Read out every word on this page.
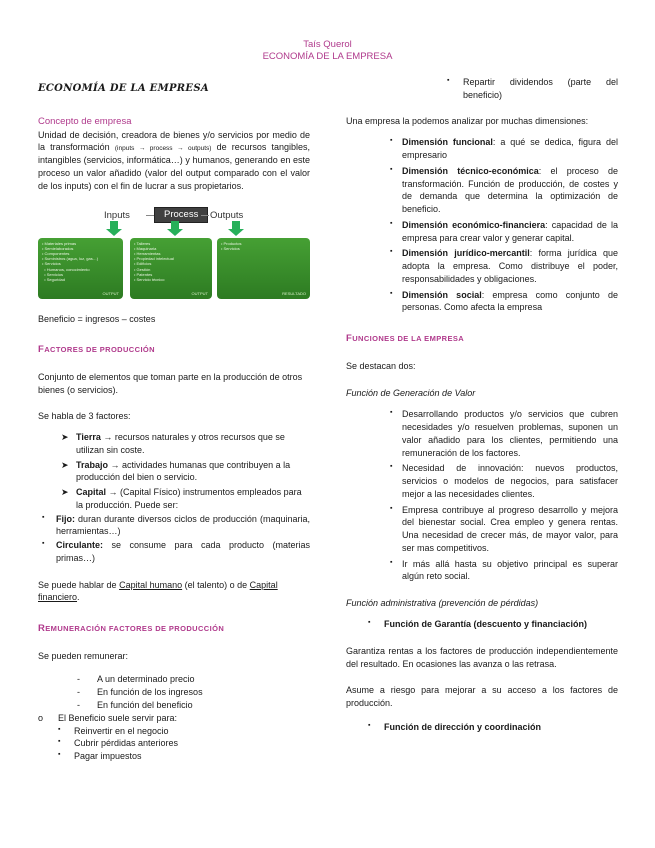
Taís Querol
ECONOMÍA DE LA EMPRESA

ECONOMÍA DE LA EMPRESA

Concepto de empresa

Unidad de decisión, creadora de bienes y/o servicios por medio de la transformación (inputs → process → outputs) de recursos tangibles, intangibles (servicios, informática…) y humanos, generando en este proceso un valor añadido (valor del output comparado con el valor de los inputs) con el fin de lucrar a sus propietarios.

Inputs	Process	Outputs
• Materiales primas
• Semielaborados
• Componentes
• Suministros (agua, luz, gas…)
• Servicios
• Humanos, conocimiento
• Servicios
• Seguridad
OUTPUT
• Talleres
• Maquinaria
• Herramientas
• Propiedad intelectual
• Edificios
• Gestión
• Patentes
• Servicio técnico
OUTPUT
• Productos
• Servicios
RESULTADO

Beneficio = ingresos – costes

FACTORES DE PRODUCCIÓN

Conjunto de elementos que toman parte en la producción de otros bienes (o servicios).

Se habla de 3 factores:

➤ Tierra → recursos naturales y otros recursos que se utilizan sin coste.
➤ Trabajo → actividades humanas que contribuyen a la producción del bien o servicio.
➤ Capital → (Capital Físico) instrumentos empleados para la producción. Puede ser:
▪ Fijo: duran durante diversos ciclos de producción (maquinaria, herramientas…)
▪ Circulante: se consume para cada producto (materias primas…)

Se puede hablar de Capital humano (el talento) o de Capital financiero.

REMUNERACIÓN FACTORES DE PRODUCCIÓN

Se pueden remunerar:

- A un determinado precio
- En función de los ingresos
- En función del beneficio
o El Beneficio suele servir para:
▪ Reinvertir en el negocio
▪ Cubrir pérdidas anteriores
▪ Pagar impuestos
▪ Repartir dividendos (parte del beneficio)

Una empresa la podemos analizar por muchas dimensiones:

▪ Dimensión funcional: a qué se dedica, figura del empresario
▪ Dimensión técnico-económica: el proceso de transformación. Función de producción, de costes y de demanda que determina la optimización de beneficio.
▪ Dimensión económico-financiera: capacidad de la empresa para crear valor y generar capital.
▪ Dimensión jurídico-mercantil: forma jurídica que adopta la empresa. Como distribuye el poder, responsabilidades y obligaciones.
▪ Dimensión social: empresa como conjunto de personas. Como afecta la empresa

FUNCIONES DE LA EMPRESA

Se destacan dos:

Función de Generación de Valor

▪ Desarrollando productos y/o servicios que cubren necesidades y/o resuelven problemas, suponen un valor añadido para los clientes, permitiendo una remuneración de los factores.
▪ Necesidad de innovación: nuevos productos, servicios o modelos de negocios, para satisfacer mejor a las necesidades clientes.
▪ Empresa contribuye al progreso desarrollo y mejora del bienestar social. Crea empleo y genera rentas. Una necesidad de crecer más, de mayor valor, para ser mas competitivos.
▪ Ir más allá hasta su objetivo principal es superar algún reto social.

Función administrativa (prevención de pérdidas)

▪ Función de Garantía (descuento y financiación)

Garantiza rentas a los factores de producción independientemente del resultado. En ocasiones las avanza o las retrasa.

Asume a riesgo para mejorar a su acceso a los factores de producción.

▪ Función de dirección y coordinación
